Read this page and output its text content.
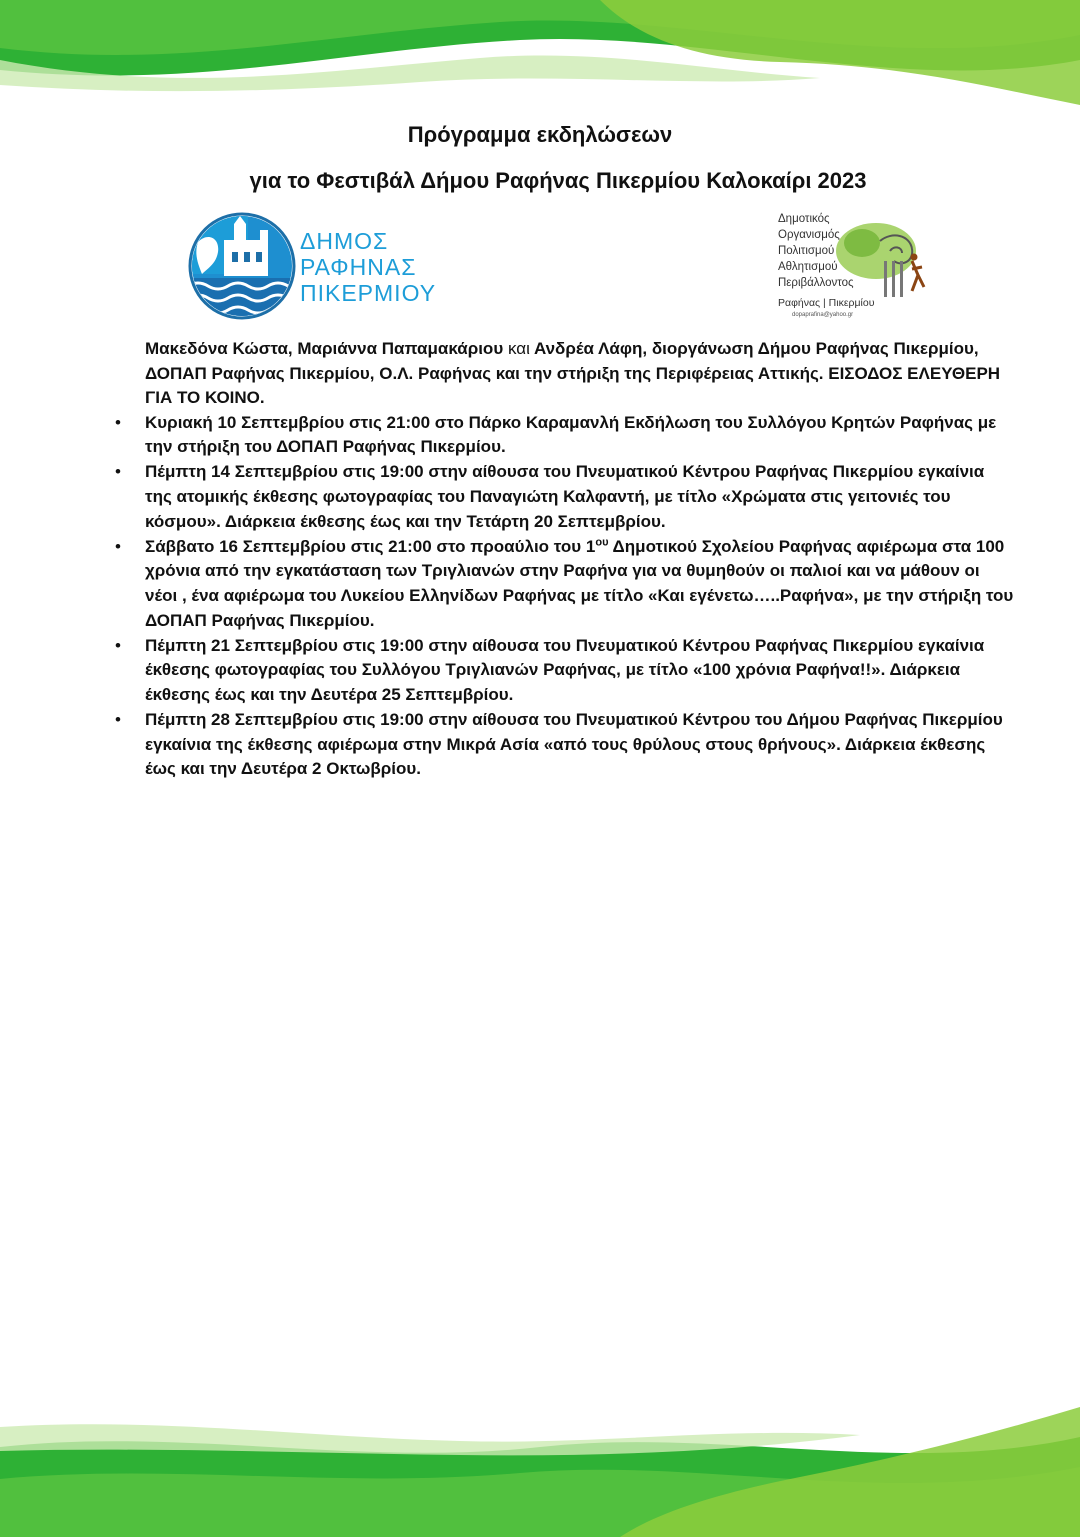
Πρόγραμμα εκδηλώσεων
για το Φεστιβάλ Δήμου Ραφήνας Πικερμίου Καλοκαίρι 2023
ΔΗΜΟΣ
ΡΑΦΗΝΑΣ
ΠΙΚΕΡΜΙΟΥ
Δημοτικός
Οργανισμός
Πολιτισμού
Αθλητισμού
Περιβάλλοντος
Ραφήνας | Πικερμίου
dopaprafina@yahoo.gr

Μακεδόνα Κώστα, Μαριάννα Παπαμακάριου και Ανδρέα Λάφη, διοργάνωση Δήμου Ραφήνας Πικερμίου, ΔΟΠΑΠ Ραφήνας Πικερμίου, Ο.Λ. Ραφήνας και την στήριξη της Περιφέρειας Αττικής. ΕΙΣΟΔΟΣ ΕΛΕΥΘΕΡΗ ΓΙΑ ΤΟ ΚΟΙΝΟ.

• Κυριακή 10 Σεπτεμβρίου στις 21:00 στο Πάρκο Καραμανλή Εκδήλωση του Συλλόγου Κρητών Ραφήνας με την στήριξη του ΔΟΠΑΠ Ραφήνας Πικερμίου.
• Πέμπτη 14 Σεπτεμβρίου στις 19:00 στην αίθουσα του Πνευματικού Κέντρου Ραφήνας Πικερμίου εγκαίνια της ατομικής έκθεσης φωτογραφίας του Παναγιώτη Καλφαντή, με τίτλο «Χρώματα στις γειτονιές του κόσμου». Διάρκεια έκθεσης έως και την Τετάρτη 20 Σεπτεμβρίου.
• Σάββατο 16 Σεπτεμβρίου στις 21:00 στο προαύλιο του $1^{o\upsilon}$ Δημοτικού Σχολείου Ραφήνας αφιέρωμα στα 100 χρόνια από την εγκατάσταση των Τριγλιανών στην Ραφήνα για να θυμηθούν οι παλιοί και να μάθουν οι νέοι , ένα αφιέρωμα του Λυκείου Ελληνίδων Ραφήνας με τίτλο «Και εγένετω…..Ραφήνα», με την στήριξη του ΔΟΠΑΠ Ραφήνας Πικερμίου.
• Πέμπτη 21 Σεπτεμβρίου στις 19:00 στην αίθουσα του Πνευματικού Κέντρου Ραφήνας Πικερμίου εγκαίνια έκθεσης φωτογραφίας του Συλλόγου Τριγλιανών Ραφήνας, με τίτλο «100 χρόνια Ραφήνα!!». Διάρκεια έκθεσης έως και την Δευτέρα 25 Σεπτεμβρίου.
• Πέμπτη 28 Σεπτεμβρίου στις 19:00 στην αίθουσα του Πνευματικού Κέντρου του Δήμου Ραφήνας Πικερμίου εγκαίνια της έκθεσης αφιέρωμα στην Μικρά Ασία «από τους θρύλους στους θρήνους». Διάρκεια έκθεσης έως και την Δευτέρα 2 Οκτωβρίου.
